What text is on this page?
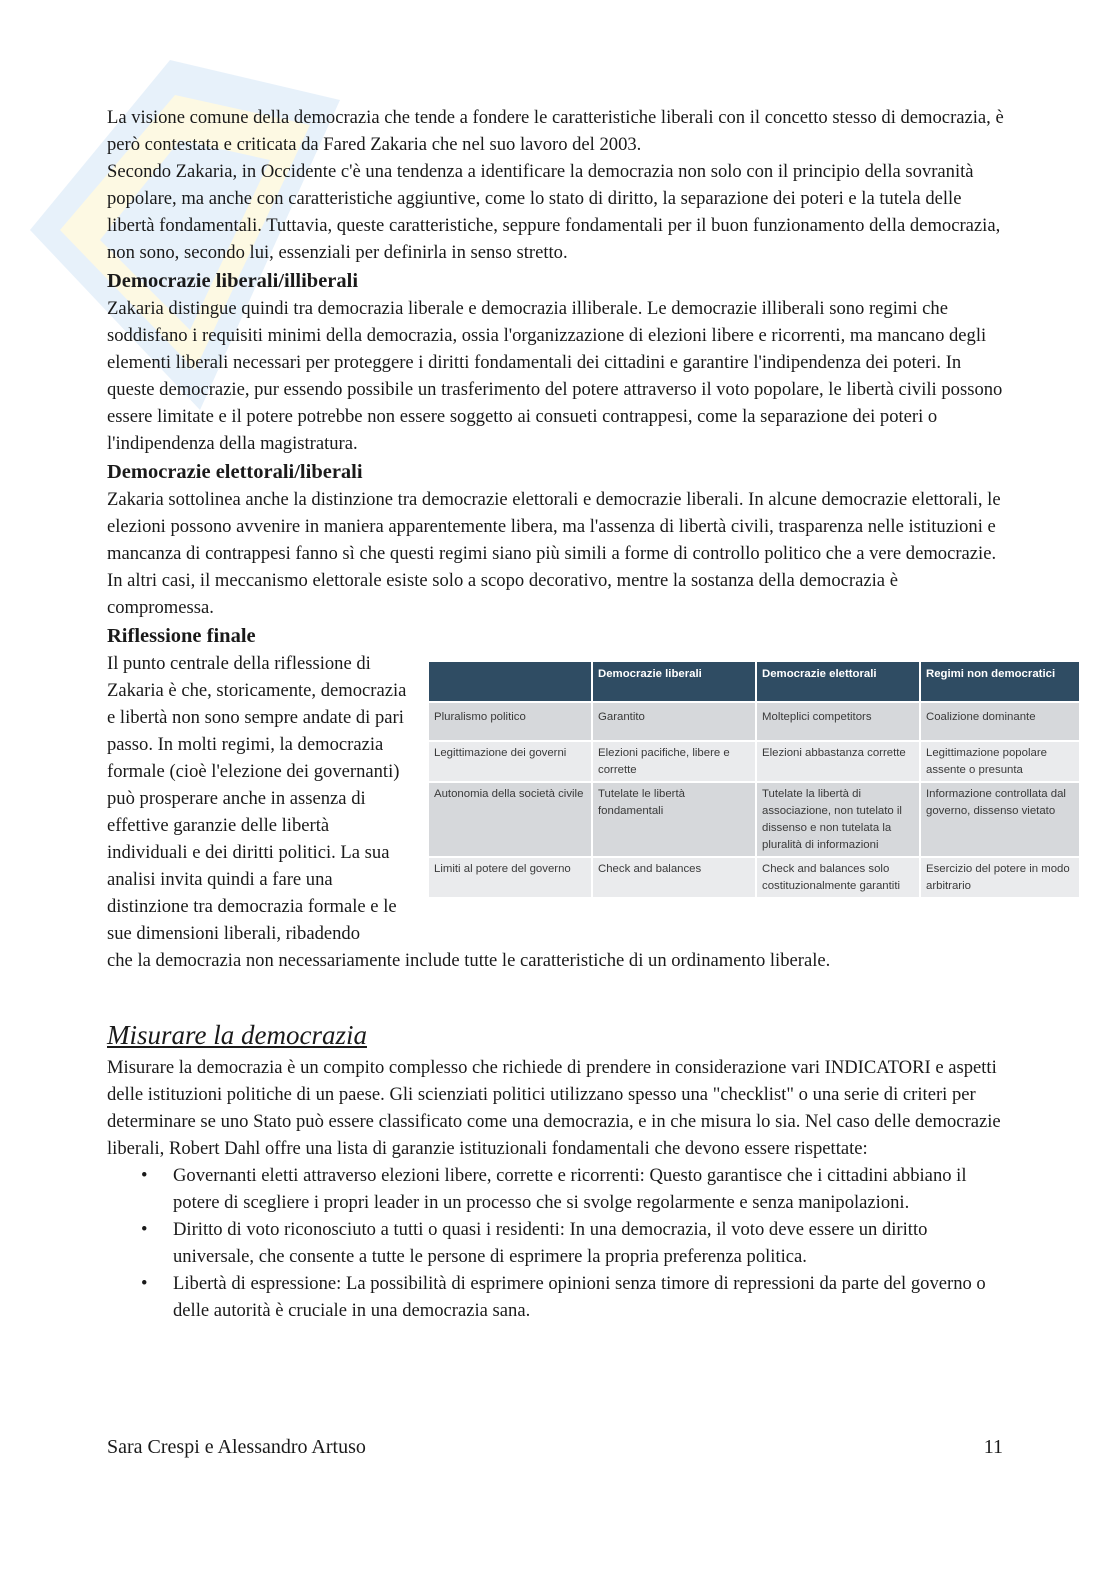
La visione comune della democrazia che tende a fondere le caratteristiche liberali con il concetto stesso di democrazia, è però contestata e criticata da Fared Zakaria che nel suo lavoro del 2003.

Secondo Zakaria, in Occidente c'è una tendenza a identificare la democrazia non solo con il principio della sovranità popolare, ma anche con caratteristiche aggiuntive, come lo stato di diritto, la separazione dei poteri e la tutela delle libertà fondamentali. Tuttavia, queste caratteristiche, seppure fondamentali per il buon funzionamento della democrazia, non sono, secondo lui, essenziali per definirla in senso stretto.

Democrazie liberali/illiberali

Zakaria distingue quindi tra democrazia liberale e democrazia illiberale. Le democrazie illiberali sono regimi che soddisfano i requisiti minimi della democrazia, ossia l'organizzazione di elezioni libere e ricorrenti, ma mancano degli elementi liberali necessari per proteggere i diritti fondamentali dei cittadini e garantire l'indipendenza dei poteri. In queste democrazie, pur essendo possibile un trasferimento del potere attraverso il voto popolare, le libertà civili possono essere limitate e il potere potrebbe non essere soggetto ai consueti contrappesi, come la separazione dei poteri o l'indipendenza della magistratura.

Democrazie elettorali/liberali

Zakaria sottolinea anche la distinzione tra democrazie elettorali e democrazie liberali. In alcune democrazie elettorali, le elezioni possono avvenire in maniera apparentemente libera, ma l'assenza di libertà civili, trasparenza nelle istituzioni e mancanza di contrappesi fanno sì che questi regimi siano più simili a forme di controllo politico che a vere democrazie. In altri casi, il meccanismo elettorale esiste solo a scopo decorativo, mentre la sostanza della democrazia è compromessa.

Riflessione finale

Il punto centrale della riflessione di Zakaria è che, storicamente, democrazia e libertà non sono sempre andate di pari passo. In molti regimi, la democrazia formale (cioè l'elezione dei governanti) può prosperare anche in assenza di effettive garanzie delle libertà individuali e dei diritti politici. La sua analisi invita quindi a fare una distinzione tra democrazia formale e le sue dimensioni liberali, ribadendo

	Democrazie liberali	Democrazie elettorali	Regimi non democratici
Pluralismo politico	Garantito	Molteplici competitors	Coalizione dominante
Legittimazione dei governi	Elezioni pacifiche, libere e corrette	Elezioni abbastanza corrette	Legittimazione popolare assente o presunta
Autonomia della società civile	Tutelate le libertà fondamentali	Tutelate la libertà di associazione, non tutelato il dissenso e non tutelata la pluralità di informazioni	Informazione controllata dal governo, dissenso vietato
Limiti al potere del governo	Check and balances	Check and balances solo costituzionalmente garantiti	Esercizio del potere in modo arbitrario

che la democrazia non necessariamente include tutte le caratteristiche di un ordinamento liberale.

Misurare la democrazia

Misurare la democrazia è un compito complesso che richiede di prendere in considerazione vari INDICATORI e aspetti delle istituzioni politiche di un paese. Gli scienziati politici utilizzano spesso una "checklist" o una serie di criteri per determinare se uno Stato può essere classificato come una democrazia, e in che misura lo sia. Nel caso delle democrazie liberali, Robert Dahl offre una lista di garanzie istituzionali fondamentali che devono essere rispettate:

• Governanti eletti attraverso elezioni libere, corrette e ricorrenti: Questo garantisce che i cittadini abbiano il potere di scegliere i propri leader in un processo che si svolge regolarmente e senza manipolazioni.
• Diritto di voto riconosciuto a tutti o quasi i residenti: In una democrazia, il voto deve essere un diritto universale, che consente a tutte le persone di esprimere la propria preferenza politica.
• Libertà di espressione: La possibilità di esprimere opinioni senza timore di repressioni da parte del governo o delle autorità è cruciale in una democrazia sana.
Sara Crespi e Alessandro Artuso	11
